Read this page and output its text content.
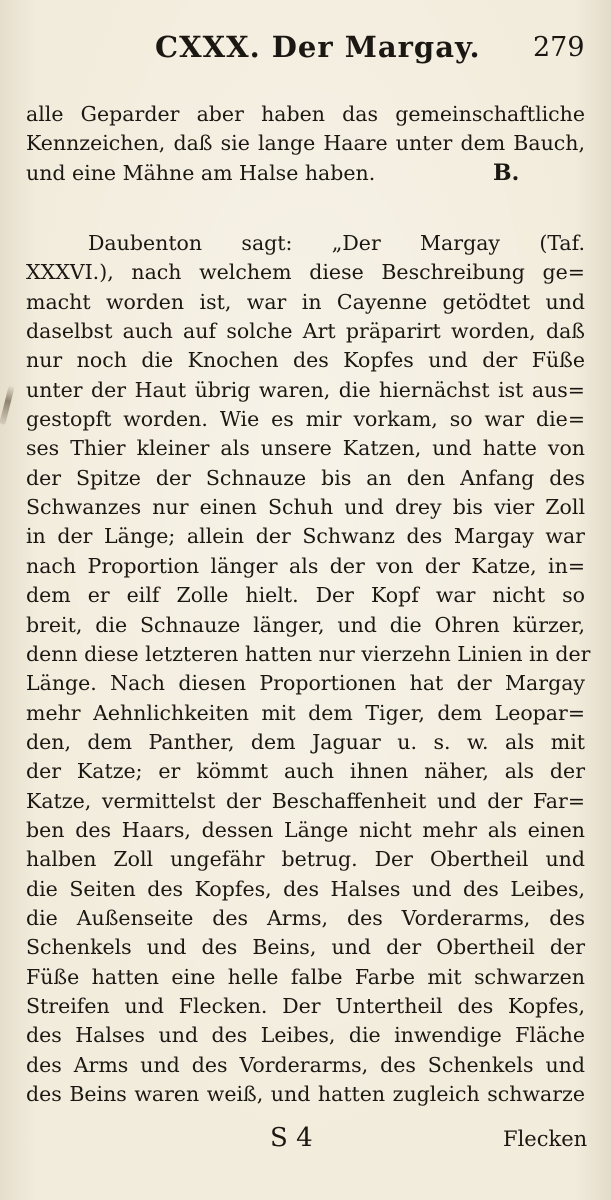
CXXX. Der Margay. 279
alle Geparder aber haben das gemeinschaftliche
Kennzeichen, daß sie lange Haare unter dem Bauch,
und eine Mähne am Halse haben.
Daubenton sagt: „Der Margay (Taf.
XXXVI.), nach welchem diese Beschreibung ge=
macht worden ist, war in Cayenne getödtet und
daselbst auch auf solche Art präparirt worden, daß
nur noch die Knochen des Kopfes und der Füße
unter der Haut übrig waren, die hiernächst ist aus=
gestopft worden. Wie es mir vorkam, so war die=
ses Thier kleiner als unsere Katzen, und hatte von
der Spitze der Schnauze bis an den Anfang des
Schwanzes nur einen Schuh und drey bis vier Zoll
in der Länge; allein der Schwanz des Margay war
nach Proportion länger als der von der Katze, in=
dem er eilf Zolle hielt. Der Kopf war nicht so
breit, die Schnauze länger, und die Ohren kürzer,
denn diese letzteren hatten nur vierzehn Linien in der
Länge. Nach diesen Proportionen hat der Margay
mehr Aehnlichkeiten mit dem Tiger, dem Leopar=
den, dem Panther, dem Jaguar u. s. w. als mit
der Katze; er kömmt auch ihnen näher, als der
Katze, vermittelst der Beschaffenheit und der Far=
ben des Haars, dessen Länge nicht mehr als einen
halben Zoll ungefähr betrug. Der Obertheil und
die Seiten des Kopfes, des Halses und des Leibes,
die Außenseite des Arms, des Vorderarms, des
Schenkels und des Beins, und der Obertheil der
Füße hatten eine helle falbe Farbe mit schwarzen
Streifen und Flecken. Der Untertheil des Kopfes,
des Halses und des Leibes, die inwendige Fläche
des Arms und des Vorderarms, des Schenkels und
des Beins waren weiß, und hatten zugleich schwarze
B.
S 4	Flecken
